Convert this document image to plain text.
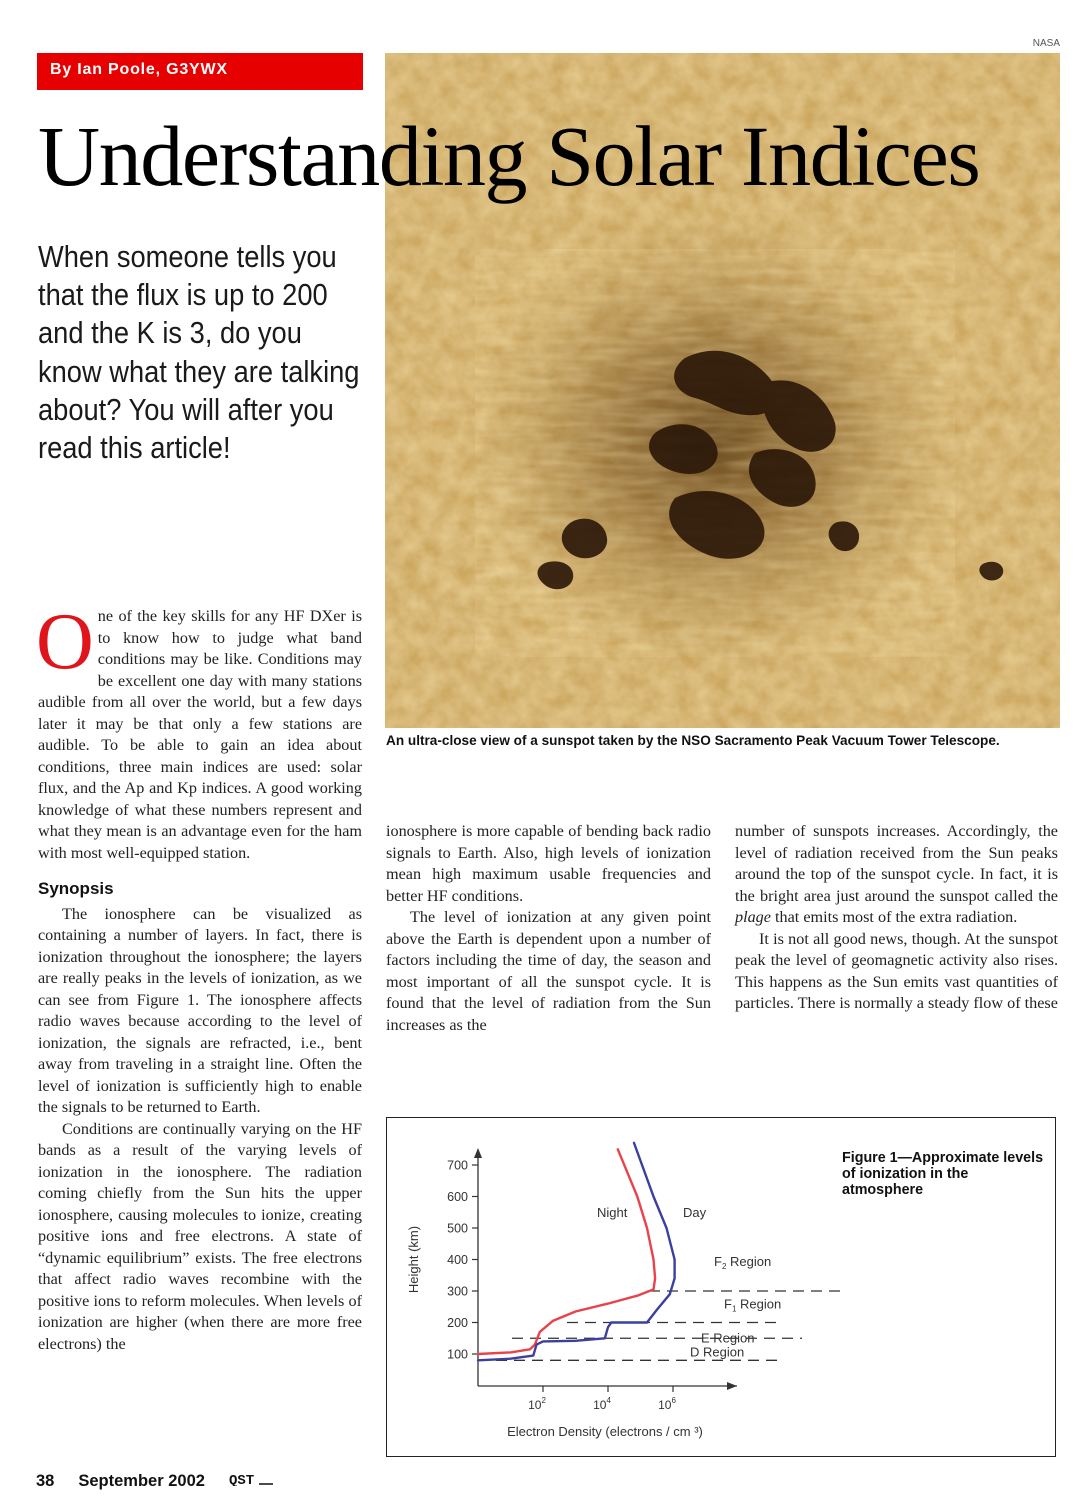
NASA
By Ian Poole, G3YWX
Understanding Solar Indices
When someone tells you that the flux is up to 200 and the K is 3, do you know what they are talking about? You will after you read this article!
An ultra-close view of a sunspot taken by the NSO Sacramento Peak Vacuum Tower Telescope.

One of the key skills for any HF DXer is to know how to judge what band conditions may be like. Conditions may be excellent one day with many stations audible from all over the world, but a few days later it may be that only a few stations are audible. To be able to gain an idea about conditions, three main indices are used: solar flux, and the Ap and Kp indices. A good working knowledge of what these numbers represent and what they mean is an advantage even for the ham with most well-equipped station.

Synopsis

The ionosphere can be visualized as containing a number of layers. In fact, there is ionization throughout the ionosphere; the layers are really peaks in the levels of ionization, as we can see from Figure 1. The ionosphere affects radio waves because according to the level of ionization, the signals are refracted, i.e., bent away from traveling in a straight line. Often the level of ionization is sufficiently high to enable the signals to be returned to Earth.

Conditions are continually varying on the HF bands as a result of the varying levels of ionization in the ionosphere. The radiation coming chiefly from the Sun hits the upper ionosphere, causing molecules to ionize, creating positive ions and free electrons. A state of “dynamic equilibrium” exists. The free electrons that affect radio waves recombine with the positive ions to reform molecules. When levels of ionization are higher (when there are more free electrons) the

ionosphere is more capable of bending back radio signals to Earth. Also, high levels of ionization mean high maximum usable frequencies and better HF conditions.

The level of ionization at any given point above the Earth is dependent upon a number of factors including the time of day, the season and most important of all the sunspot cycle. It is found that the level of radiation from the Sun increases as the

number of sunspots increases. Accordingly, the level of radiation received from the Sun peaks around the top of the sunspot cycle. In fact, it is the bright area just around the sunspot called the plage that emits most of the extra radiation.

It is not all good news, though. At the sunspot peak the level of geomagnetic activity also rises. This happens as the Sun emits vast quantities of particles. There is normally a steady flow of these

100
200
300
400
500
600
700
$10^2$	$10^4$	$10^6$
Electron Density (electrons / cm ³)
Height (km)
D Region
E Region
$F_1$ Region
$F_2$ Region
Night	Day
Figure 1—Approximate levels of ionization in the atmosphere
38 September 2002 QST
